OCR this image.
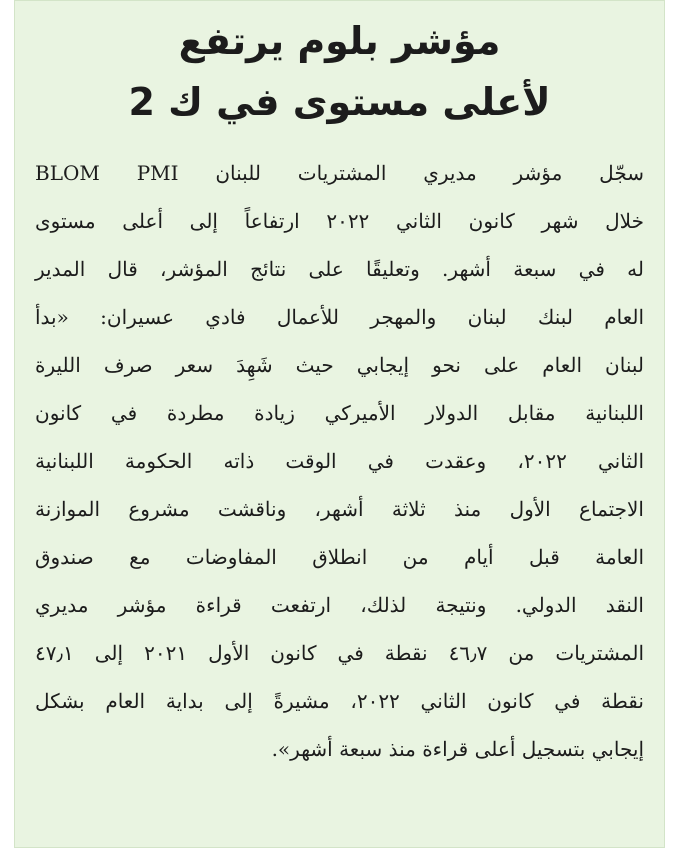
مؤشر بلوم يرتفع
لأعلى مستوى في ك 2
سجّل مؤشر مديري المشتريات للبنان BLOM PMI
خلال شهر كانون الثاني ٢٠٢٢ ارتفاعاً إلى أعلى مستوى
له في سبعة أشهر. وتعليقًا على نتائج المؤشر، قال المدير
العام لبنك لبنان والمهجر للأعمال فادي عسيران: «بدأ
لبنان العام على نحو إيجابي حيث شَهِدَ سعر صرف الليرة
اللبنانية مقابل الدولار الأميركي زيادة مطردة في كانون
الثاني ٢٠٢٢، وعقدت في الوقت ذاته الحكومة اللبنانية
الاجتماع الأول منذ ثلاثة أشهر، وناقشت مشروع الموازنة
العامة قبل أيام من انطلاق المفاوضات مع صندوق
النقد الدولي. ونتيجة لذلك، ارتفعت قراءة مؤشر مديري
المشتريات من ٤٦٫٧ نقطة في كانون الأول ٢٠٢١ إلى ٤٧٫١
نقطة في كانون الثاني ٢٠٢٢، مشيرةً إلى بداية العام بشكل
إيجابي بتسجيل أعلى قراءة منذ سبعة أشهر».
